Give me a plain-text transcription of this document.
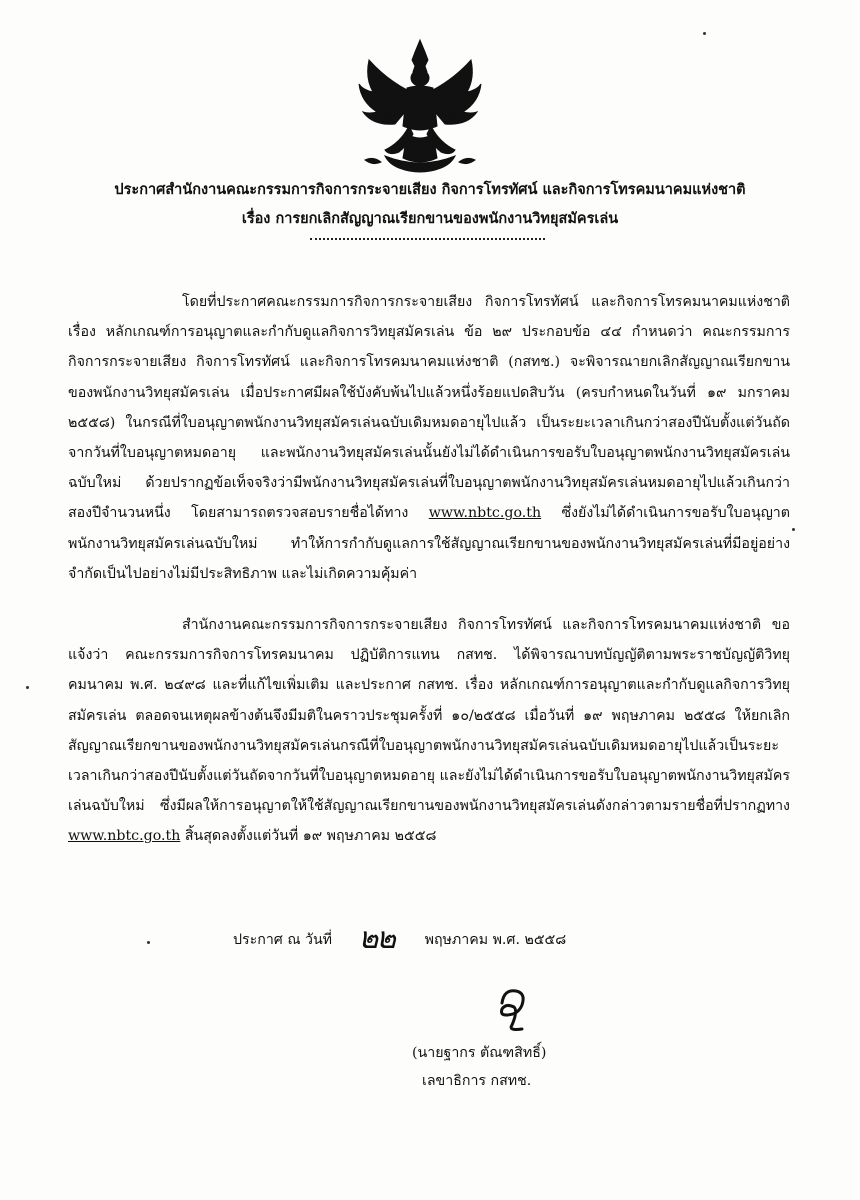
ประกาศสำนักงานคณะกรรมการกิจการกระจายเสียง กิจการโทรทัศน์ และกิจการโทรคมนาคมแห่งชาติ
เรื่อง การยกเลิกสัญญาณเรียกขานของพนักงานวิทยุสมัครเล่น

โดยที่ประกาศคณะกรรมการกิจการกระจายเสียง กิจการโทรทัศน์ และกิจการโทรคมนาคมแห่งชาติ เรื่อง หลักเกณฑ์การอนุญาตและกำกับดูแลกิจการวิทยุสมัครเล่น ข้อ ๒๙ ประกอบข้อ ๔๔ กำหนดว่า คณะกรรมการกิจการกระจายเสียง กิจการโทรทัศน์ และกิจการโทรคมนาคมแห่งชาติ (กสทช.) จะพิจารณายกเลิกสัญญาณเรียกขานของพนักงานวิทยุสมัครเล่น เมื่อประกาศมีผลใช้บังคับพ้นไปแล้วหนึ่งร้อยแปดสิบวัน (ครบกำหนดในวันที่ ๑๙ มกราคม ๒๕๕๘) ในกรณีที่ใบอนุญาตพนักงานวิทยุสมัครเล่นฉบับเดิมหมดอายุไปแล้ว เป็นระยะเวลาเกินกว่าสองปีนับตั้งแต่วันถัดจากวันที่ใบอนุญาตหมดอายุ และพนักงานวิทยุสมัครเล่นนั้นยังไม่ได้ดำเนินการขอรับใบอนุญาตพนักงานวิทยุสมัครเล่นฉบับใหม่ ด้วยปรากฏข้อเท็จจริงว่ามีพนักงานวิทยุสมัครเล่นที่ใบอนุญาตพนักงานวิทยุสมัครเล่นหมดอายุไปแล้วเกินกว่าสองปีจำนวนหนึ่ง โดยสามารถตรวจสอบรายชื่อได้ทาง www.nbtc.go.th ซึ่งยังไม่ได้ดำเนินการขอรับใบอนุญาตพนักงานวิทยุสมัครเล่นฉบับใหม่ ทำให้การกำกับดูแลการใช้สัญญาณเรียกขานของพนักงานวิทยุสมัครเล่นที่มีอยู่อย่างจำกัดเป็นไปอย่างไม่มีประสิทธิภาพ และไม่เกิดความคุ้มค่า

สำนักงานคณะกรรมการกิจการกระจายเสียง กิจการโทรทัศน์ และกิจการโทรคมนาคมแห่งชาติ ขอแจ้งว่า คณะกรรมการกิจการโทรคมนาคม ปฏิบัติการแทน กสทช. ได้พิจารณาบทบัญญัติตามพระราชบัญญัติวิทยุคมนาคม พ.ศ. ๒๔๙๘ และที่แก้ไขเพิ่มเติม และประกาศ กสทช. เรื่อง หลักเกณฑ์การอนุญาตและกำกับดูแลกิจการวิทยุสมัครเล่น ตลอดจนเหตุผลข้างต้นจึงมีมติในคราวประชุมครั้งที่ ๑๐/๒๕๕๘ เมื่อวันที่ ๑๙ พฤษภาคม ๒๕๕๘ ให้ยกเลิกสัญญาณเรียกขานของพนักงานวิทยุสมัครเล่นกรณีที่ใบอนุญาตพนักงานวิทยุสมัครเล่นฉบับเดิมหมดอายุไปแล้วเป็นระยะเวลาเกินกว่าสองปีนับตั้งแต่วันถัดจากวันที่ใบอนุญาตหมดอายุ และยังไม่ได้ดำเนินการขอรับใบอนุญาตพนักงานวิทยุสมัครเล่นฉบับใหม่ ซึ่งมีผลให้การอนุญาตให้ใช้สัญญาณเรียกขานของพนักงานวิทยุสมัครเล่นดังกล่าวตามรายชื่อที่ปรากฏทาง www.nbtc.go.th สิ้นสุดลงตั้งแต่วันที่ ๑๙ พฤษภาคม ๒๕๕๘

ประกาศ ณ วันที่ ๒๒ พฤษภาคม พ.ศ. ๒๕๕๘
(นายฐากร ตัณฑสิทธิ์)
เลขาธิการ กสทช.
